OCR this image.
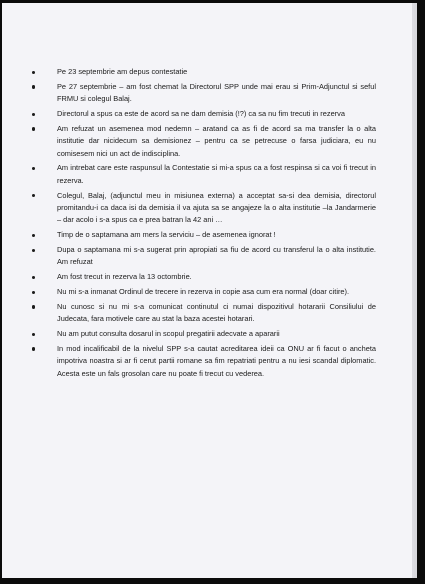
Pe 23 septembrie am depus contestatie
Pe 27 septembrie – am fost chemat la Directorul SPP unde mai erau si Prim-Adjunctul si seful FRMU si colegul Balaj.
Directorul a spus ca este de acord sa ne dam demisia (!?) ca sa nu fim trecuti in rezerva
Am refuzat un asemenea mod nedemn – aratand ca as fi de acord sa ma transfer la o alta institutie dar nicidecum sa demisionez – pentru ca se petrecuse o farsa judiciara, eu nu comisesem nici un act de indisciplina.
Am intrebat care este raspunsul la Contestatie si mi-a spus ca a fost respinsa si ca voi fi trecut in rezerva.
Colegul, Balaj, (adjunctul meu in misiunea externa) a acceptat sa-si dea demisia, directorul promitandu-i ca daca isi da demisia il va ajuta sa se angajeze la o alta institutie –la Jandarmerie – dar acolo i s-a spus ca e prea batran la 42 ani …
Timp de o saptamana am mers la serviciu – de asemenea ignorat !
Dupa o saptamana mi s-a sugerat prin apropiati sa fiu de acord cu transferul la o alta institutie. Am refuzat
Am fost trecut in rezerva la 13 octombrie.
Nu mi s-a inmanat Ordinul de trecere in rezerva in copie asa cum era normal (doar citire).
Nu cunosc si nu mi s-a comunicat continutul ci numai dispozitivul hotararii Consiliului de Judecata, fara motivele care au stat la baza acestei hotarari.
Nu am putut consulta dosarul in scopul pregatirii adecvate a apararii
In mod incalificabil de la nivelul SPP s-a cautat acreditarea ideii ca ONU ar fi facut o ancheta impotriva noastra si ar fi cerut partii romane sa fim repatriati pentru a nu iesi scandal diplomatic. Acesta este un fals grosolan care nu poate fi trecut cu vederea.
